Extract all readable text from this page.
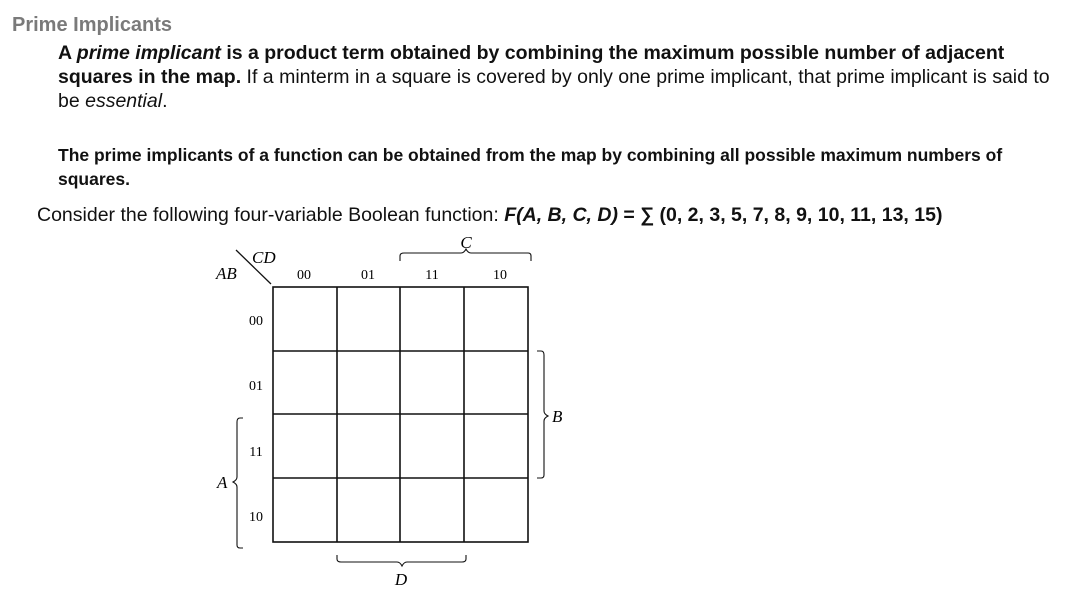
Prime Implicants
A prime implicant is a product term obtained by combining the maximum possible number of adjacent squares in the map. If a minterm in a square is covered by only one prime implicant, that prime implicant is said to be essential.
The prime implicants of a function can be obtained from the map by combining all possible maximum numbers of squares.
Consider the following four-variable Boolean function: F(A, B, C, D) = ∑ (0, 2, 3, 5, 7, 8, 9, 10, 11, 13, 15)
CD
AB	00	01	11	10
00
01
11
10
C
B
A
D
